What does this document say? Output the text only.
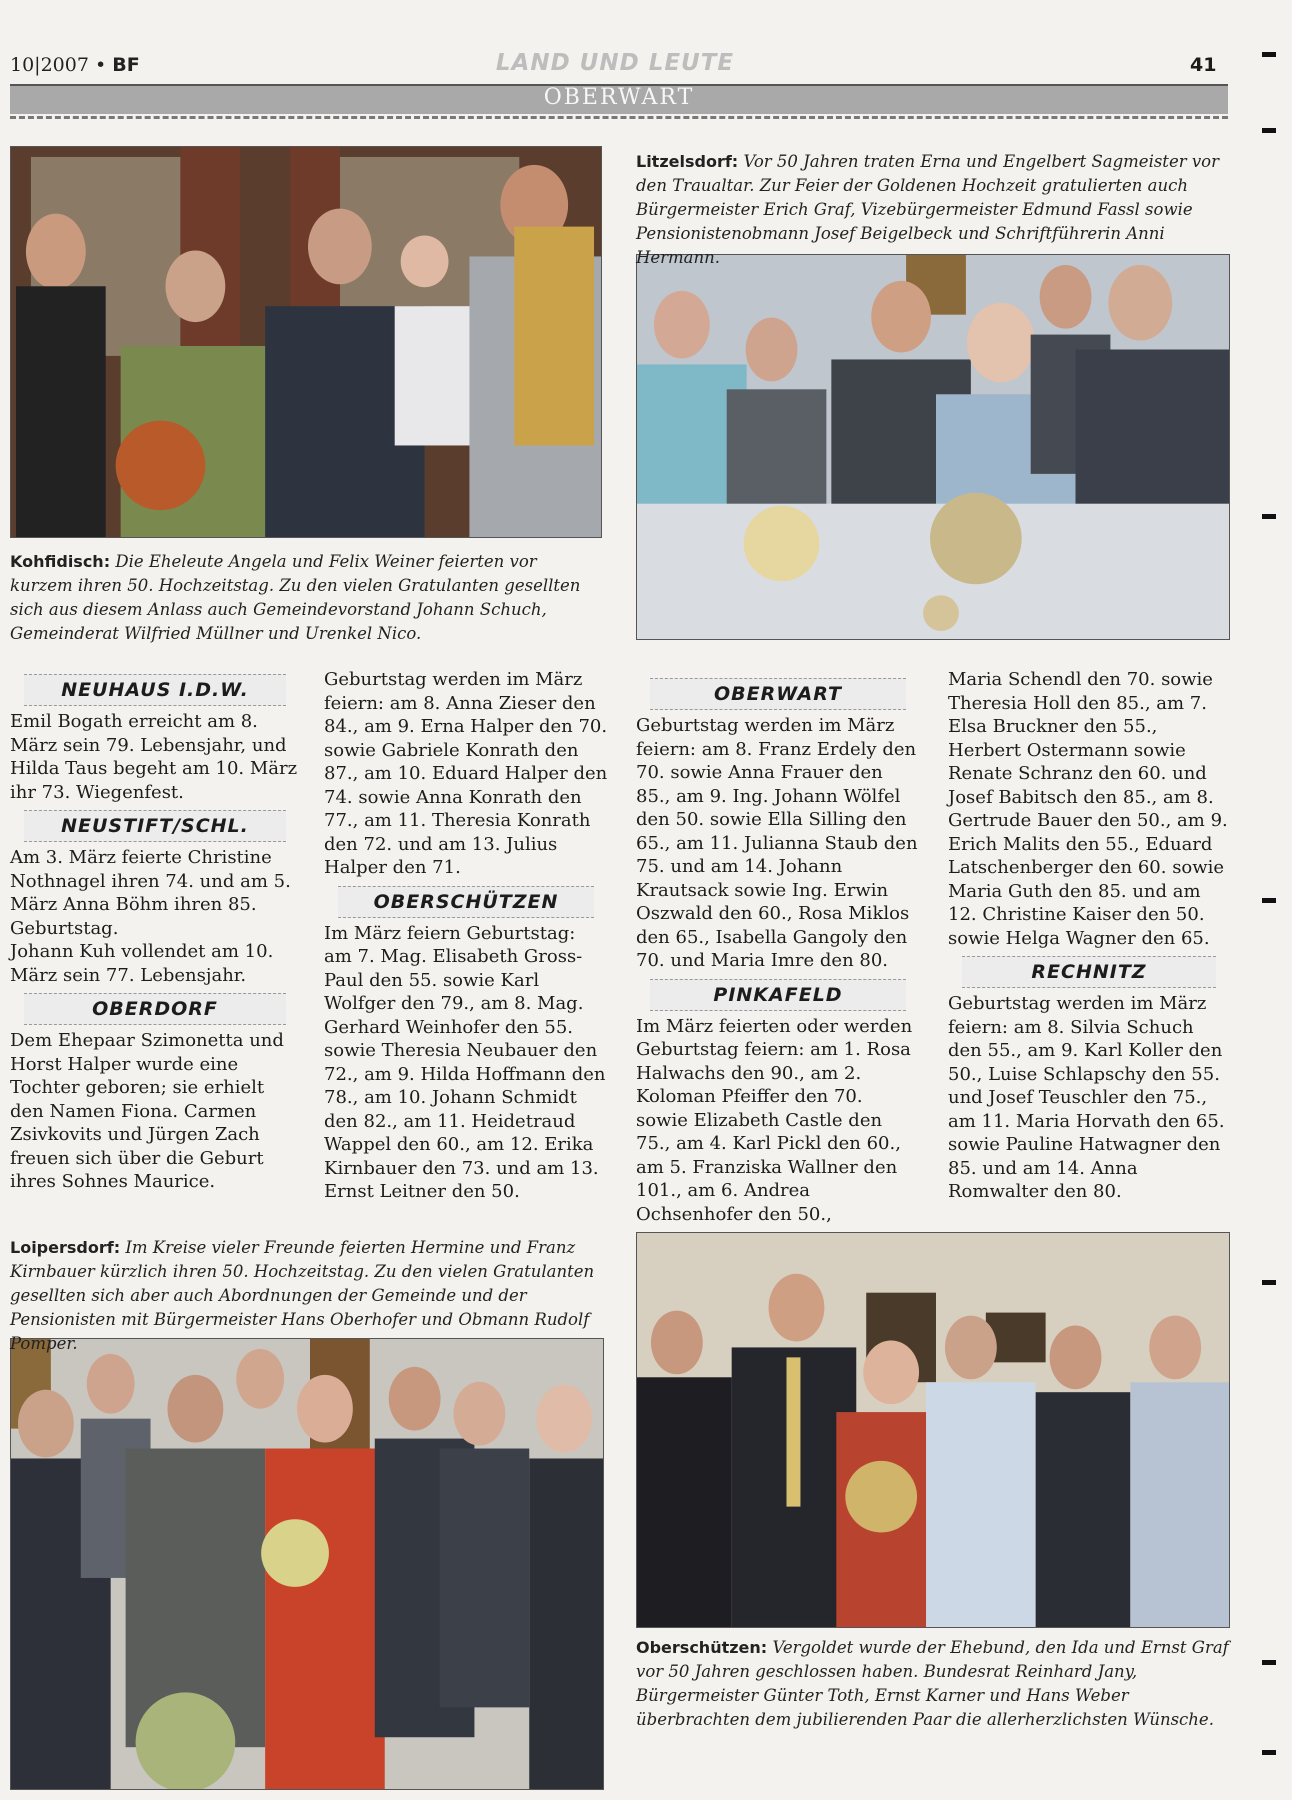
10|2007 • BF	LAND UND LEUTE	41
OBERWART
Kohfidisch: Die Eheleute Angela und Felix Weiner feierten vor kurzem ihren 50. Hochzeitstag. Zu den vielen Gratulanten gesellten sich aus diesem Anlass auch Gemeindevorstand Johann Schuch, Gemeinderat Wilfried Müllner und Urenkel Nico.
Litzelsdorf: Vor 50 Jahren traten Erna und Engelbert Sagmeister vor den Traualtar. Zur Feier der Goldenen Hochzeit gratulierten auch Bürgermeister Erich Graf, Vizebürgermeister Edmund Fassl sowie Pensionistenobmann Josef Beigelbeck und Schriftführerin Anni Hermann.
Loipersdorf: Im Kreise vieler Freunde feierten Hermine und Franz Kirnbauer kürzlich ihren 50. Hochzeitstag. Zu den vielen Gratulanten gesellten sich aber auch Abordnungen der Gemeinde und der Pensionisten mit Bürgermeister Hans Oberhofer und Obmann Rudolf Pomper.
Oberschützen: Vergoldet wurde der Ehebund, den Ida und Ernst Graf vor 50 Jahren geschlossen haben. Bundesrat Reinhard Jany, Bürgermeister Günter Toth, Ernst Karner und Hans Weber überbrachten dem jubilierenden Paar die allerherzlichsten Wünsche.
NEUHAUS I.D.W.

Emil Bogath erreicht am 8. März sein 79. Lebensjahr, und Hilda Taus begeht am 10. März ihr 73. Wiegenfest.

NEUSTIFT/SCHL.

Am 3. März feierte Christine Nothnagel ihren 74. und am 5. März Anna Böhm ihren 85. Geburtstag.

Johann Kuh vollendet am 10. März sein 77. Lebensjahr.

OBERDORF

Dem Ehepaar Szimonetta und Horst Halper wurde eine Tochter geboren; sie erhielt den Namen Fiona. Carmen Zsivkovits und Jürgen Zach freuen sich über die Geburt ihres Sohnes Maurice.

Geburtstag werden im März feiern: am 8. Anna Zieser den 84., am 9. Erna Halper den 70. sowie Gabriele Konrath den 87., am 10. Eduard Halper den 74. sowie Anna Konrath den 77., am 11. Theresia Konrath den 72. und am 13. Julius Halper den 71.

OBERSCHÜTZEN

Im März feiern Geburtstag: am 7. Mag. Elisabeth Gross-Paul den 55. sowie Karl Wolfger den 79., am 8. Mag. Gerhard Weinhofer den 55. sowie Theresia Neubauer den 72., am 9. Hilda Hoffmann den 78., am 10. Johann Schmidt den 82., am 11. Heidetraud Wappel den 60., am 12. Erika Kirnbauer den 73. und am 13. Ernst Leitner den 50.

OBERWART

Geburtstag werden im März feiern: am 8. Franz Erdely den 70. sowie Anna Frauer den 85., am 9. Ing. Johann Wölfel den 50. sowie Ella Silling den 65., am 11. Julianna Staub den 75. und am 14. Johann Krautsack sowie Ing. Erwin Oszwald den 60., Rosa Miklos den 65., Isabella Gangoly den 70. und Maria Imre den 80.

PINKAFELD

Im März feierten oder werden Geburtstag feiern: am 1. Rosa Halwachs den 90., am 2. Koloman Pfeiffer den 70. sowie Elizabeth Castle den 75., am 4. Karl Pickl den 60., am 5. Franziska Wallner den 101., am 6. Andrea Ochsenhofer den 50.,

Maria Schendl den 70. sowie Theresia Holl den 85., am 7. Elsa Bruckner den 55., Herbert Ostermann sowie Renate Schranz den 60. und Josef Babitsch den 85., am 8. Gertrude Bauer den 50., am 9. Erich Malits den 55., Eduard Latschenberger den 60. sowie Maria Guth den 85. und am 12. Christine Kaiser den 50. sowie Helga Wagner den 65.

RECHNITZ

Geburtstag werden im März feiern: am 8. Silvia Schuch den 55., am 9. Karl Koller den 50., Luise Schlapschy den 55. und Josef Teuschler den 75., am 11. Maria Horvath den 65. sowie Pauline Hatwagner den 85. und am 14. Anna Romwalter den 80.
